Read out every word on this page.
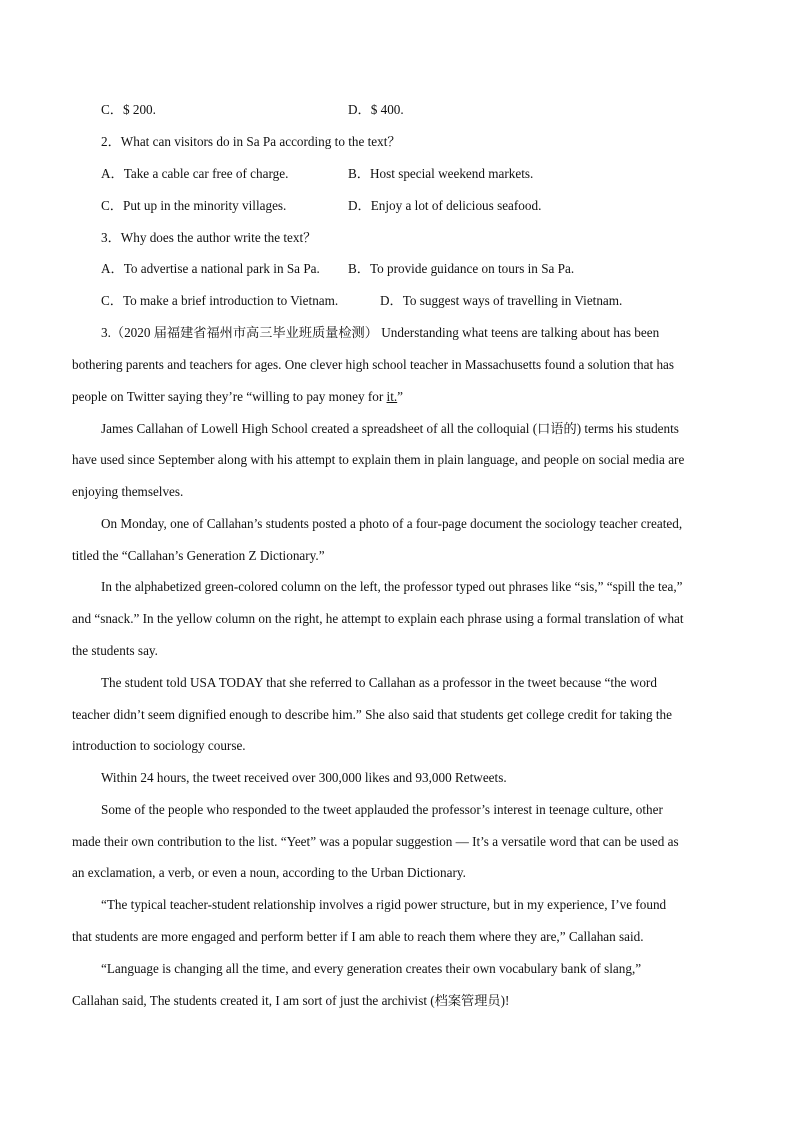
C．$ 200.	D．$ 400.
2．What can visitors do in Sa Pa according to the text？
A．Take a cable car free of charge.	B．Host special weekend markets.
C．Put up in the minority villages.	D．Enjoy a lot of delicious seafood.
3．Why does the author write the text？
A．To advertise a national park in Sa Pa. B．To provide guidance on tours in Sa Pa.
C．To make a brief introduction to Vietnam.	D．To suggest ways of travelling in Vietnam.
3.（2020 届福建省福州市高三毕业班质量检测） Understanding what teens are talking about has been
bothering parents and teachers for ages. One clever high school teacher in Massachusetts found a solution that has
people on Twitter saying they’re “willing to pay money for it.”
James Callahan of Lowell High School created a spreadsheet of all the colloquial (口语的) terms his students
have used since September along with his attempt to explain them in plain language, and people on social media are
enjoying themselves.
On Monday, one of Callahan’s students posted a photo of a four-page document the sociology teacher created,
titled the “Callahan’s Generation Z Dictionary.”
In the alphabetized green-colored column on the left, the professor typed out phrases like “sis,” “spill the tea,”
and “snack.” In the yellow column on the right, he attempt to explain each phrase using a formal translation of what
the students say.
The student told USA TODAY that she referred to Callahan as a professor in the tweet because “the word
teacher didn’t seem dignified enough to describe him.” She also said that students get college credit for taking the
introduction to sociology course.
Within 24 hours, the tweet received over 300,000 likes and 93,000 Retweets.
Some of the people who responded to the tweet applauded the professor’s interest in teenage culture, other
made their own contribution to the list. “Yeet” was a popular suggestion — It’s a versatile word that can be used as
an exclamation, a verb, or even a noun, according to the Urban Dictionary.
“The typical teacher-student relationship involves a rigid power structure, but in my experience, I’ve found
that students are more engaged and perform better if I am able to reach them where they are,” Callahan said.
“Language is changing all the time, and every generation creates their own vocabulary bank of slang,”
Callahan said, The students created it, I am sort of just the archivist (档案管理员)!
